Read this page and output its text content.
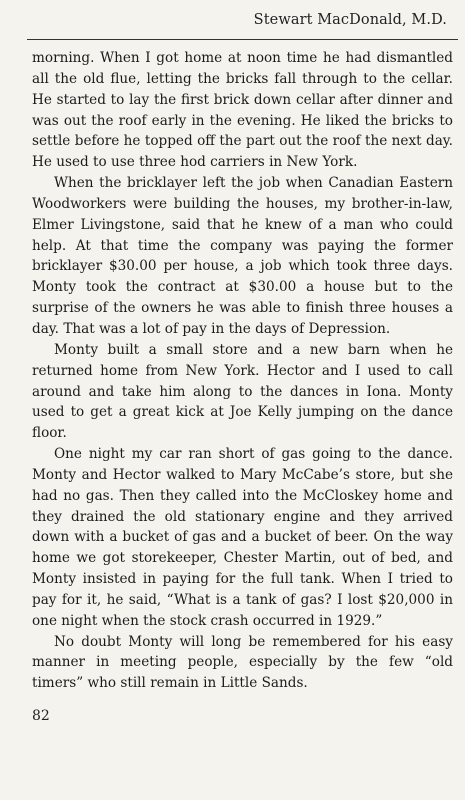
Stewart MacDonald, M.D.

morning. When I got home at noon time he had dismantled all the old flue, letting the bricks fall through to the cellar. He started to lay the first brick down cellar after dinner and was out the roof early in the evening. He liked the bricks to settle before he topped off the part out the roof the next day. He used to use three hod carriers in New York.

When the bricklayer left the job when Canadian Eastern Woodworkers were building the houses, my brother-in-law, Elmer Livingstone, said that he knew of a man who could help. At that time the company was paying the former bricklayer $30.00 per house, a job which took three days. Monty took the contract at $30.00 a house but to the surprise of the owners he was able to finish three houses a day. That was a lot of pay in the days of Depression.

Monty built a small store and a new barn when he returned home from New York. Hector and I used to call around and take him along to the dances in Iona. Monty used to get a great kick at Joe Kelly jumping on the dance floor.

One night my car ran short of gas going to the dance. Monty and Hector walked to Mary McCabe’s store, but she had no gas. Then they called into the McCloskey home and they drained the old stationary engine and they arrived down with a bucket of gas and a bucket of beer. On the way home we got storekeeper, Chester Martin, out of bed, and Monty insisted in paying for the full tank. When I tried to pay for it, he said, “What is a tank of gas? I lost $20,000 in one night when the stock crash occurred in 1929.”

No doubt Monty will long be remembered for his easy manner in meeting people, especially by the few “old timers” who still remain in Little Sands.

82
